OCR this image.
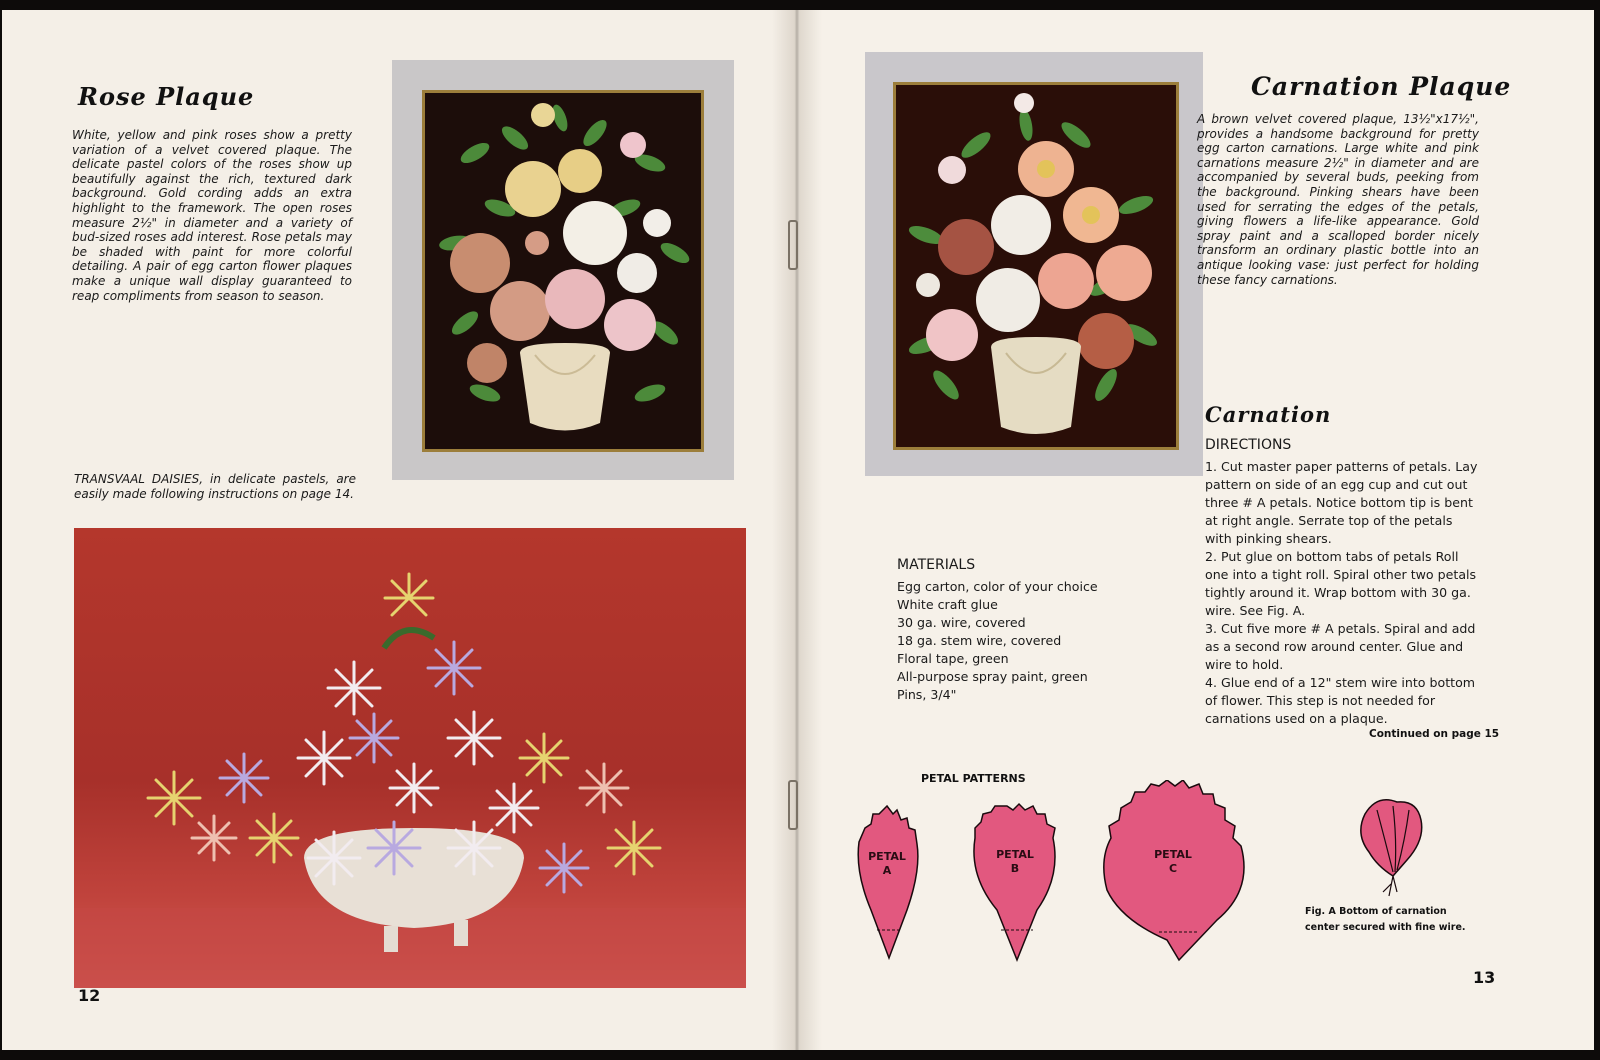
Rose Plaque
White, yellow and pink roses show a pretty variation of a velvet covered plaque. The delicate pastel colors of the roses show up beautifully against the rich, textured dark background. Gold cording adds an extra highlight to the framework. The open roses measure 2½" in diameter and a variety of bud-sized roses add interest. Rose petals may be shaded with paint for more colorful detailing. A pair of egg carton flower plaques make a unique wall display guaranteed to reap compliments from season to season.
TRANSVAAL DAISIES, in delicate pastels, are easily made following instructions on page 14.
12
Carnation Plaque
A brown velvet covered plaque, 13½"x17½", provides a handsome background for pretty egg carton carnations. Large white and pink carnations measure 2½" in diameter and are accompanied by several buds, peeking from the background. Pinking shears have been used for serrating the edges of the petals, giving flowers a life-like appearance. Gold spray paint and a scalloped border nicely transform an ordinary plastic bottle into an antique looking vase: just perfect for holding these fancy carnations.
Carnation
DIRECTIONS

1. Cut master paper patterns of petals. Lay pattern on side of an egg cup and cut out three # A petals. Notice bottom tip is bent at right angle. Serrate top of the petals with pinking shears.

2. Put glue on bottom tabs of petals Roll one into a tight roll. Spiral other two petals tightly around it. Wrap bottom with 30 ga. wire. See Fig. A.

3. Cut five more # A petals. Spiral and add as a second row around center. Glue and wire to hold.

4. Glue end of a 12" stem wire into bottom of flower. This step is not needed for carnations used on a plaque.

Continued on page 15
MATERIALS

Egg carton, color of your choice

White craft glue

30 ga. wire, covered

18 ga. stem wire, covered

Floral tape, green

All-purpose spray paint, green

Pins, 3/4"

PETAL PATTERNS
PETAL
A
PETAL
B
PETAL
C
Fig. A Bottom of carnation
center secured with fine wire.
13
